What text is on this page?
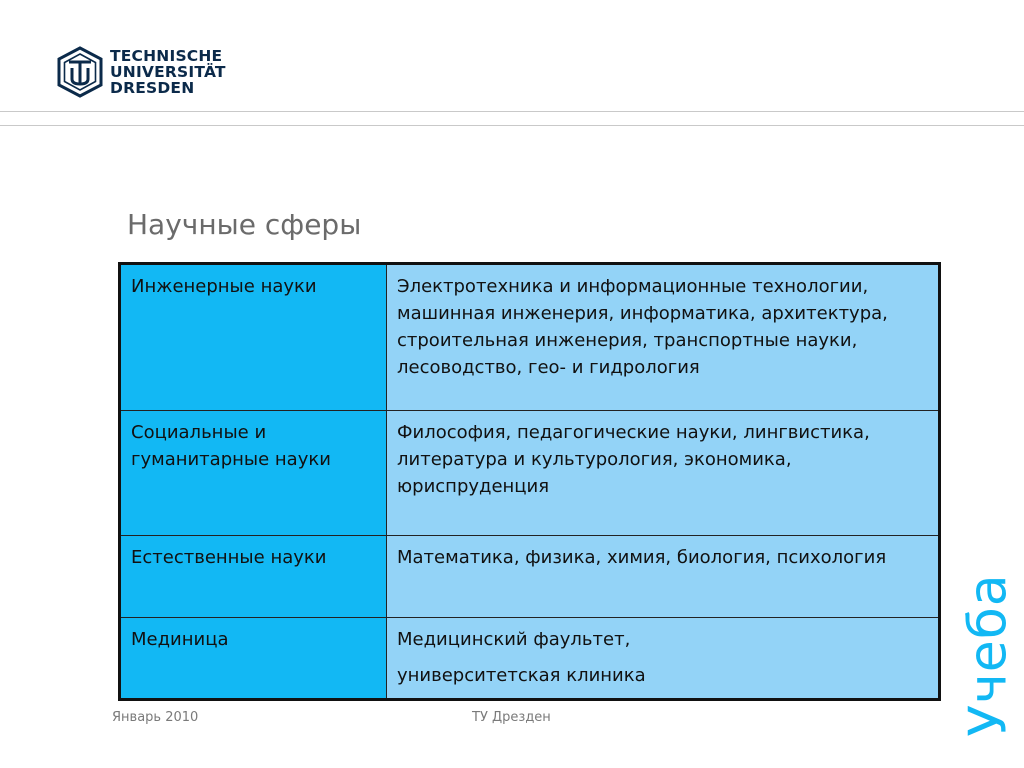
TECHNISCHE
UNIVERSITÄT
DRESDEN
Научные сферы
Инженерные науки	Электротехника и информационные технологии, машинная инженерия, информатика, архитектура, строительная инженерия, транспортные науки, лесоводство, гео- и гидрология
Социальные и гуманитарные науки	Философия, педагогические науки, лингвистика, литература и культурология, экономика, юриспруденция
Естественные науки	Математика, физика, химия, биология, психология
Мединица	Медицинский фаультет,
университетская клиника
Январь 2010	ТУ Дрезден	Учеба
